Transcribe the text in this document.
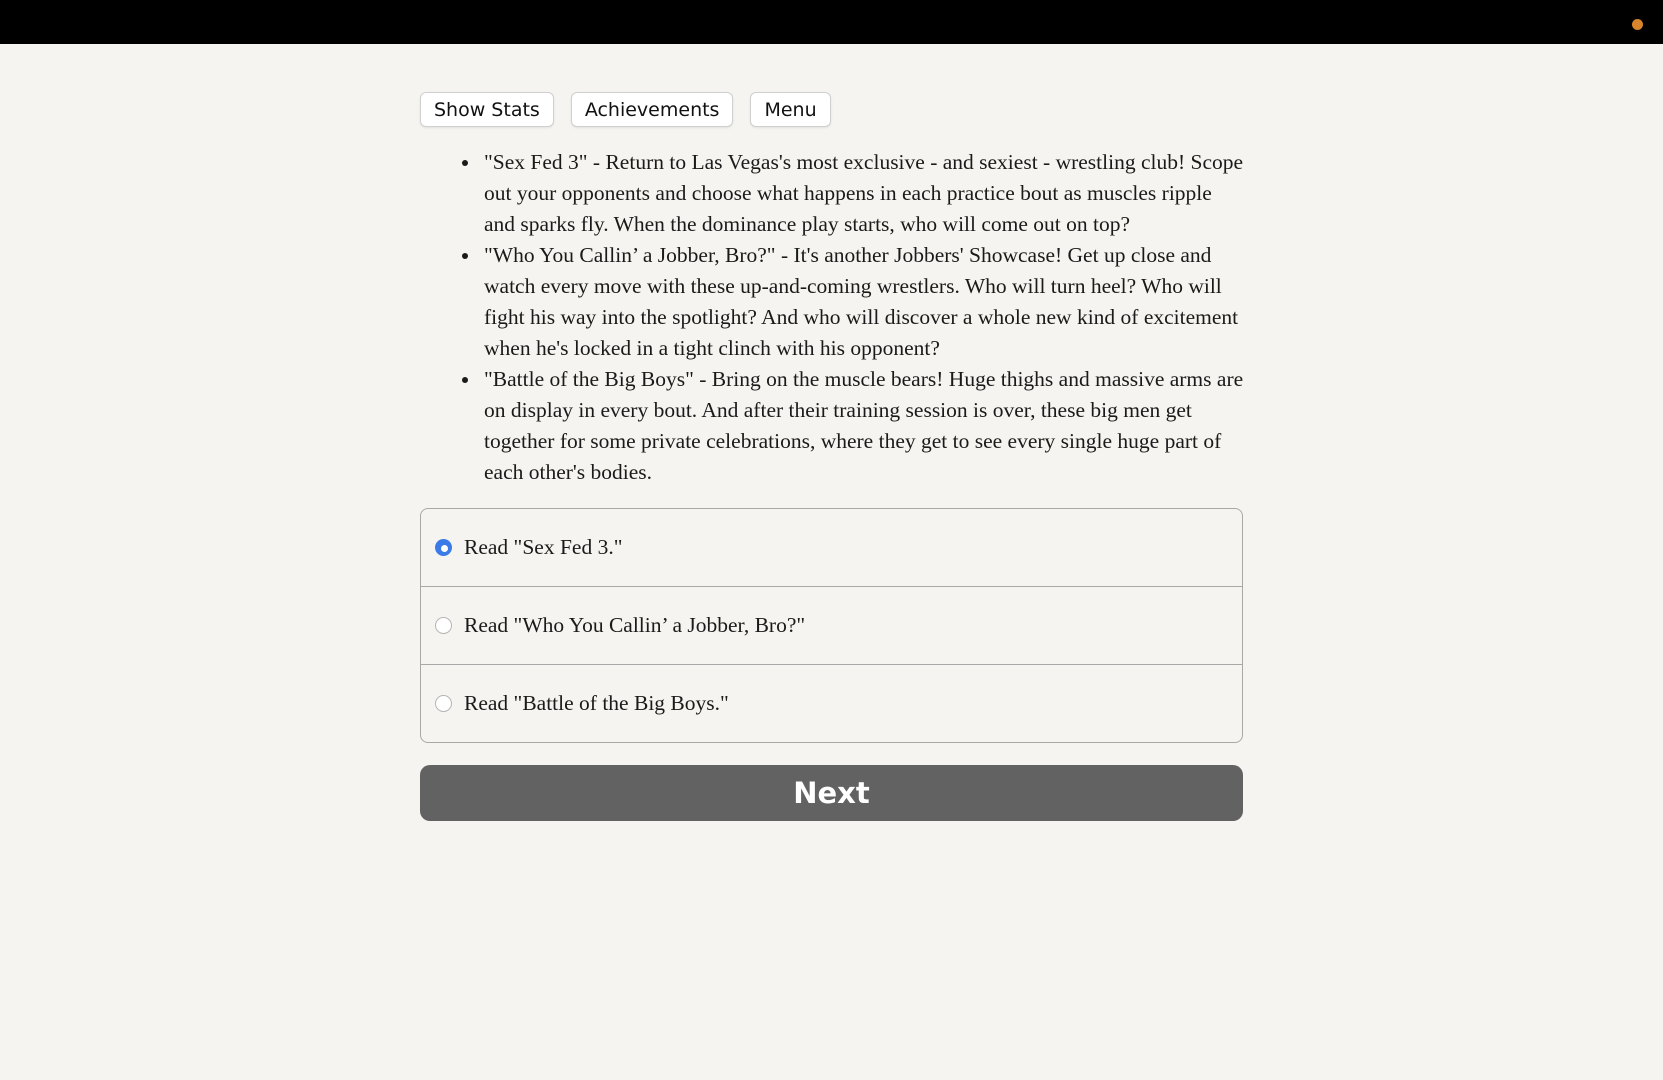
Show Stats	Achievements	Menu
"Sex Fed 3" - Return to Las Vegas's most exclusive - and sexiest - wrestling club! Scope out your opponents and choose what happens in each practice bout as muscles ripple and sparks fly. When the dominance play starts, who will come out on top?
"Who You Callin’ a Jobber, Bro?" - It's another Jobbers' Showcase! Get up close and watch every move with these up-and-coming wrestlers. Who will turn heel? Who will fight his way into the spotlight? And who will discover a whole new kind of excitement when he's locked in a tight clinch with his opponent?
"Battle of the Big Boys" - Bring on the muscle bears! Huge thighs and massive arms are on display in every bout. And after their training session is over, these big men get together for some private celebrations, where they get to see every single huge part of each other's bodies.
Read "Sex Fed 3."
Read "Who You Callin’ a Jobber, Bro?"
Read "Battle of the Big Boys."
Next
